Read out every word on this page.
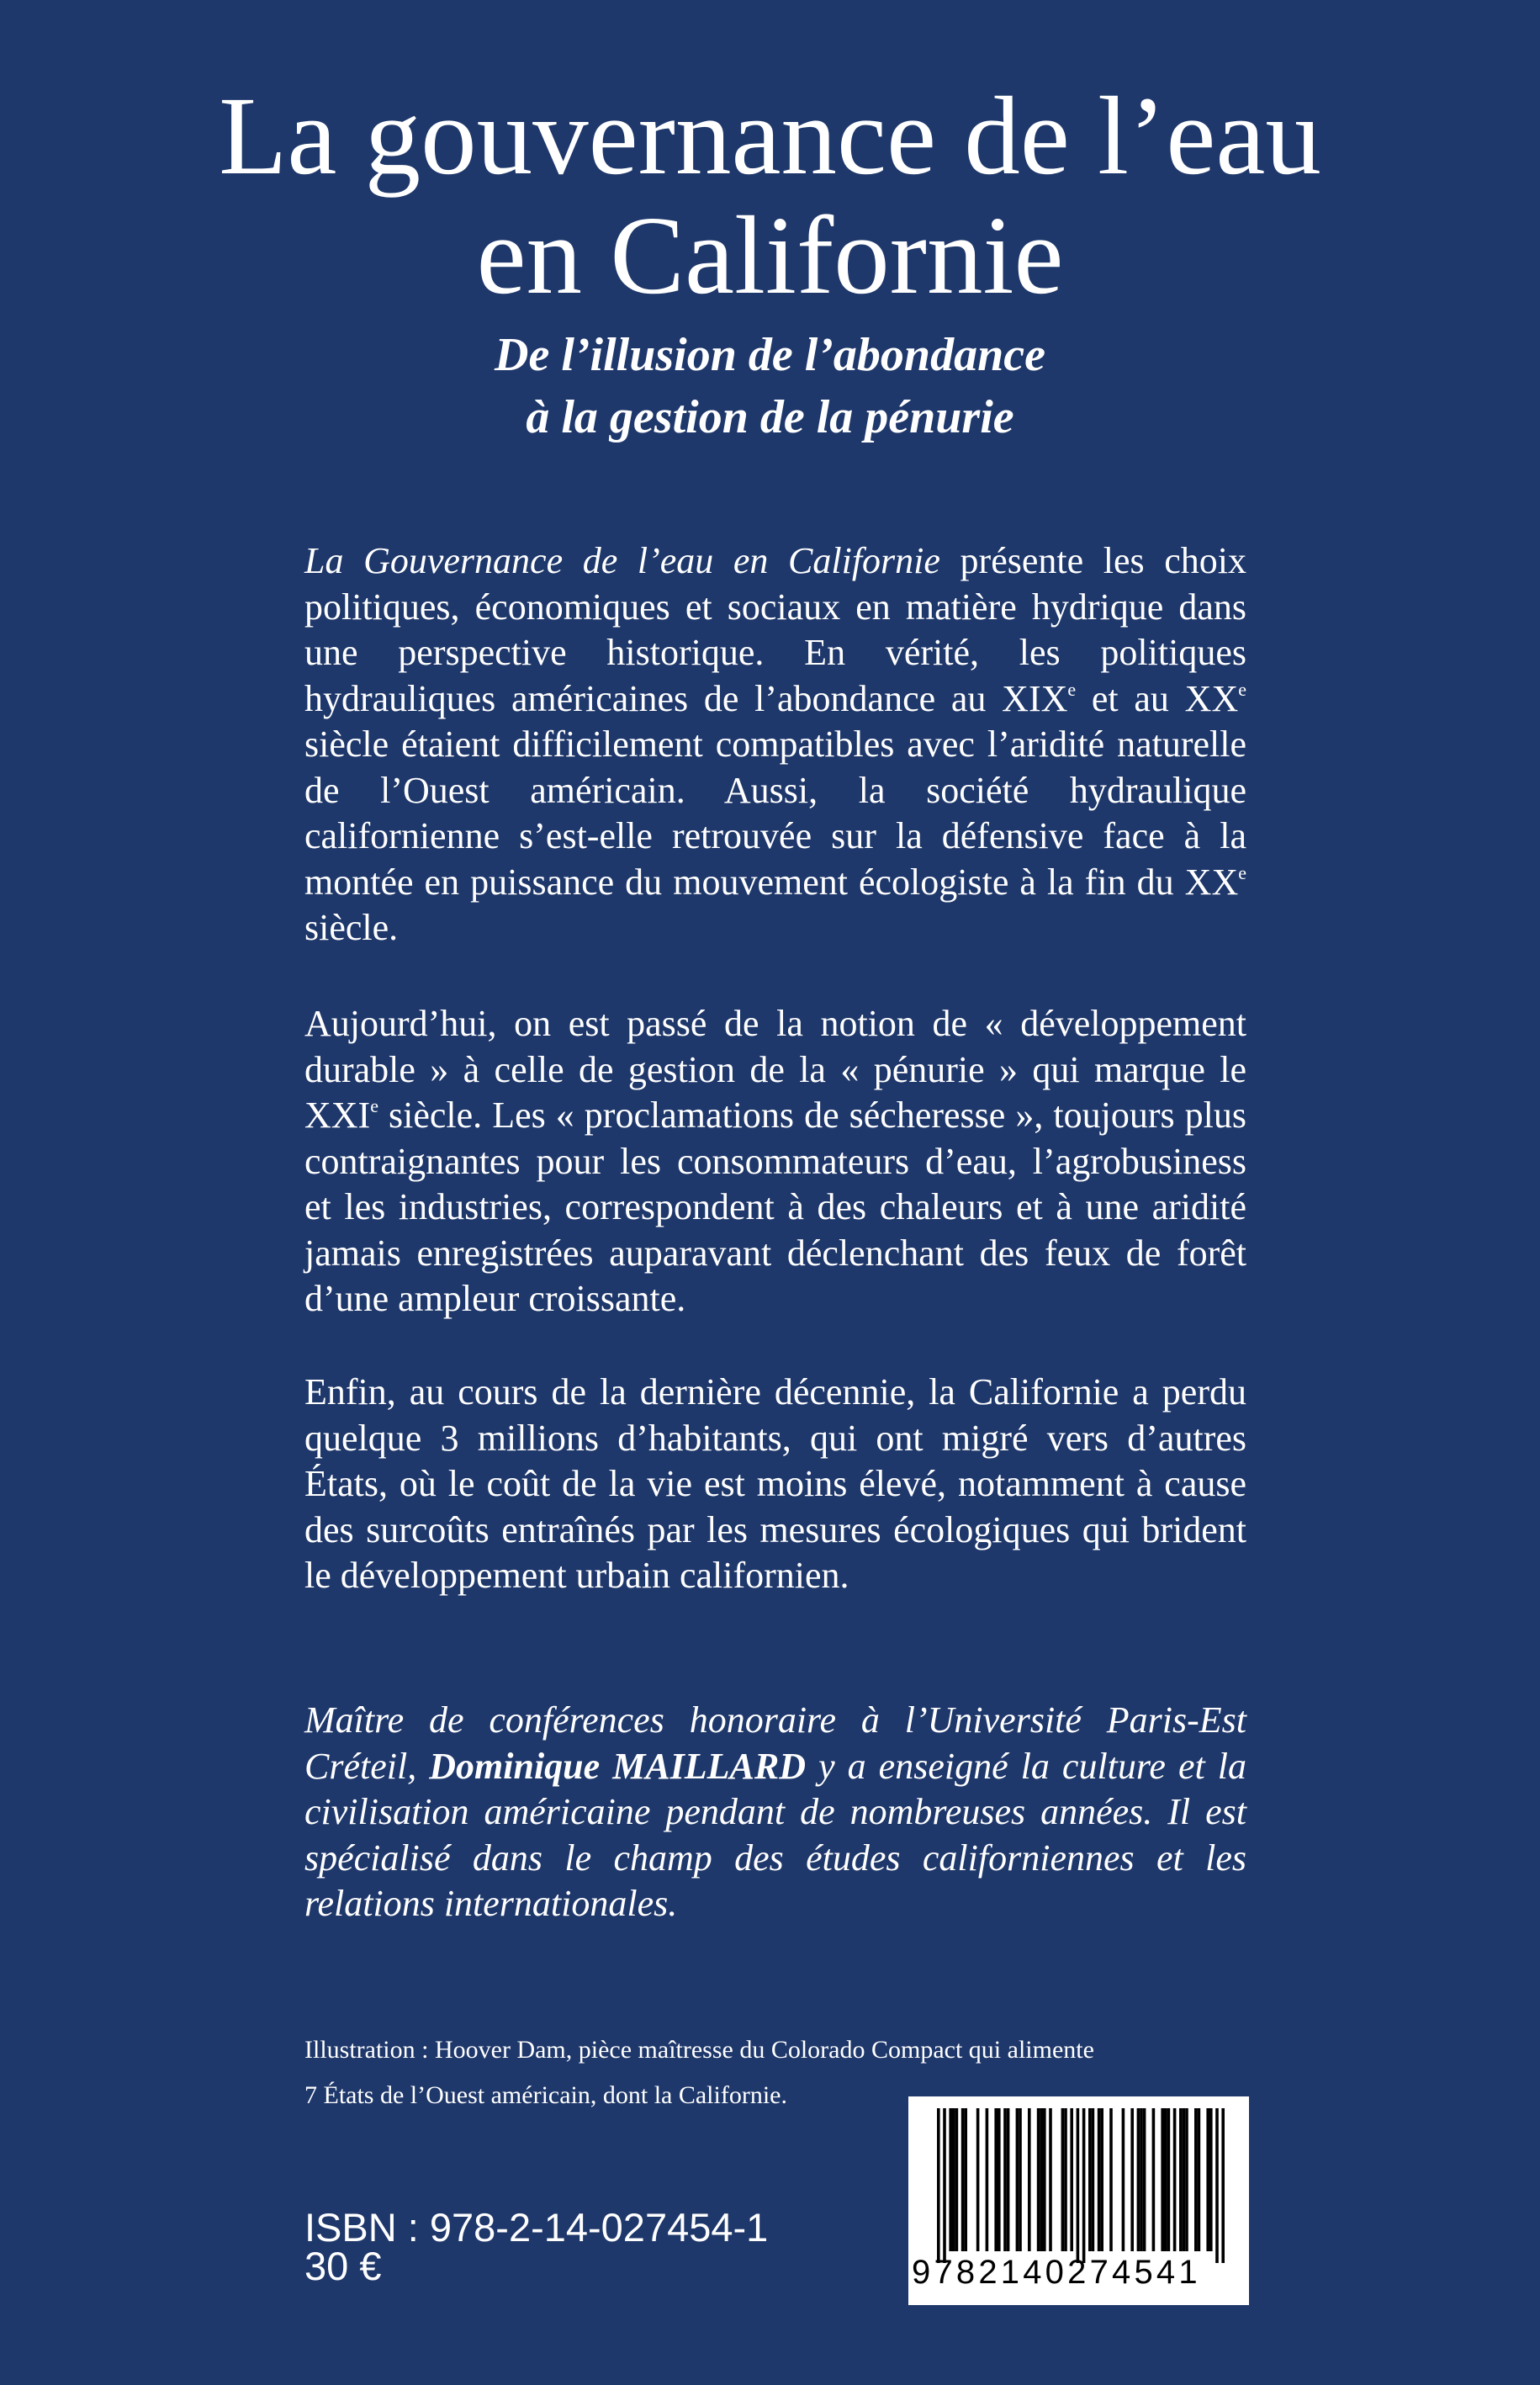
La gouvernance de l’eau
en Californie
De l’illusion de l’abondance
à la gestion de la pénurie

La Gouvernance de l’eau en Californie présente les choix politiques, économiques et sociaux en matière hydrique dans une perspective historique. En vérité, les politiques hydrauliques américaines de l’abondance au XIXe et au XXe siècle étaient difficilement compatibles avec l’aridité naturelle de l’Ouest américain. Aussi, la société hydraulique californienne s’est-elle retrouvée sur la défensive face à la montée en puissance du mouvement écologiste à la fin du XXe siècle.

Aujourd’hui, on est passé de la notion de « développement durable » à celle de gestion de la « pénurie » qui marque le XXIe siècle. Les « proclamations de sécheresse », toujours plus contraignantes pour les consommateurs d’eau, l’agrobusiness et les industries, correspondent à des chaleurs et à une aridité jamais enregistrées auparavant déclenchant des feux de forêt d’une ampleur croissante.

Enfin, au cours de la dernière décennie, la Californie a perdu quelque 3 millions d’habitants, qui ont migré vers d’autres États, où le coût de la vie est moins élevé, notamment à cause des surcoûts entraînés par les mesures écologiques qui brident le développement urbain californien.

Maître de conférences honoraire à l’Université Paris-Est Créteil, Dominique MAILLARD y a enseigné la culture et la civilisation américaine pendant de nombreuses années. Il est spécialisé dans le champ des études californiennes et les relations internationales.

Illustration : Hoover Dam, pièce maîtresse du Colorado Compact qui alimente
7 États de l’Ouest américain, dont la Californie.

ISBN : 978-2-14-027454-1
30 €	9782140274541
